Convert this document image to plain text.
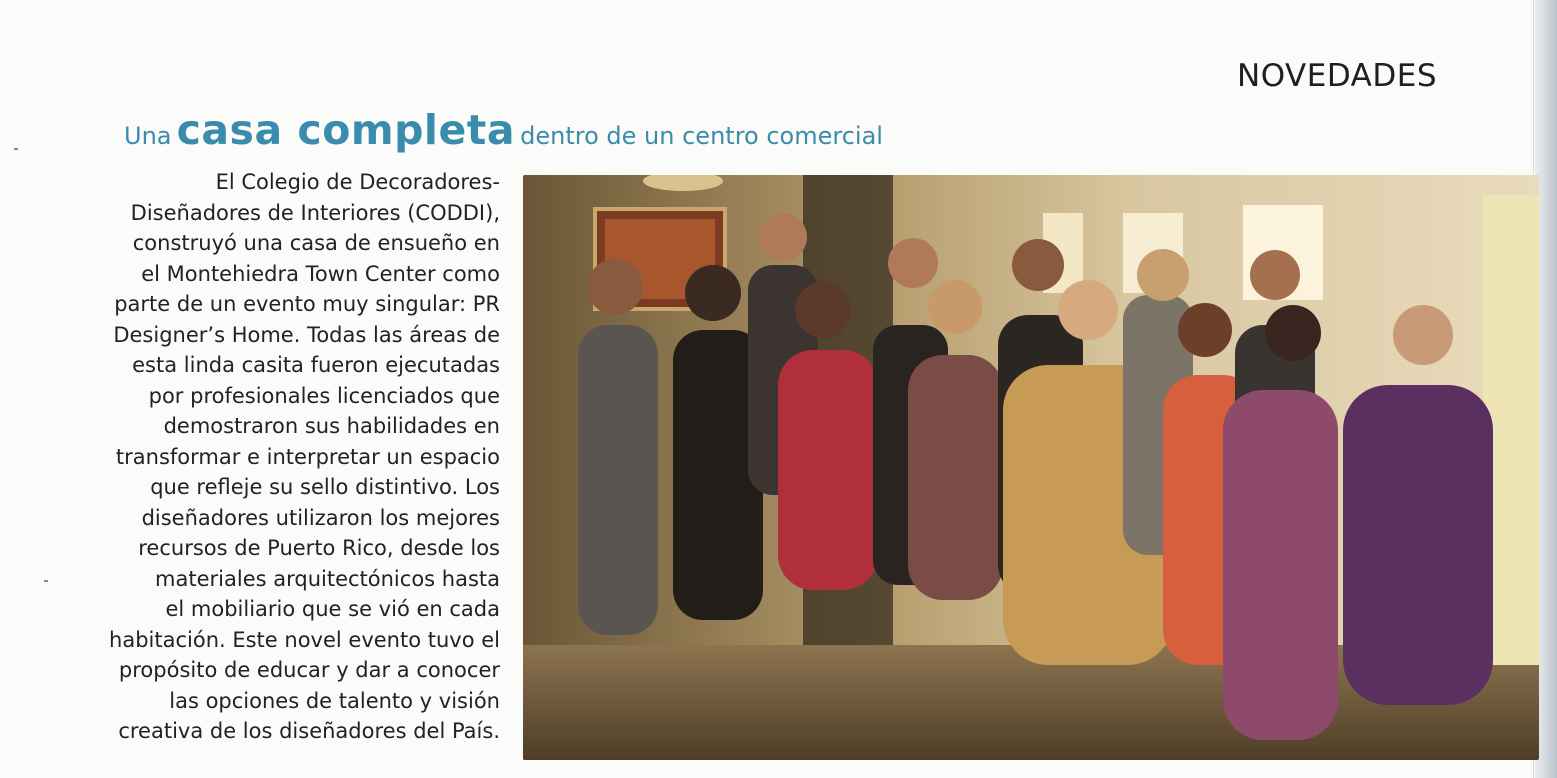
NOVEDADES
Una casa completa dentro de un centro comercial
El Colegio de Decoradores-
Diseñadores de Interiores (CODDI),
construyó una casa de ensueño en
el Montehiedra Town Center como
parte de un evento muy singular: PR
Designer’s Home. Todas las áreas de
esta linda casita fueron ejecutadas
por profesionales licenciados que
demostraron sus habilidades en
transformar e interpretar un espacio
que refleje su sello distintivo. Los
diseñadores utilizaron los mejores
recursos de Puerto Rico, desde los
materiales arquitectónicos hasta
el mobiliario que se vió en cada
habitación. Este novel evento tuvo el
propósito de educar y dar a conocer
las opciones de talento y visión
creativa de los diseñadores del País.
